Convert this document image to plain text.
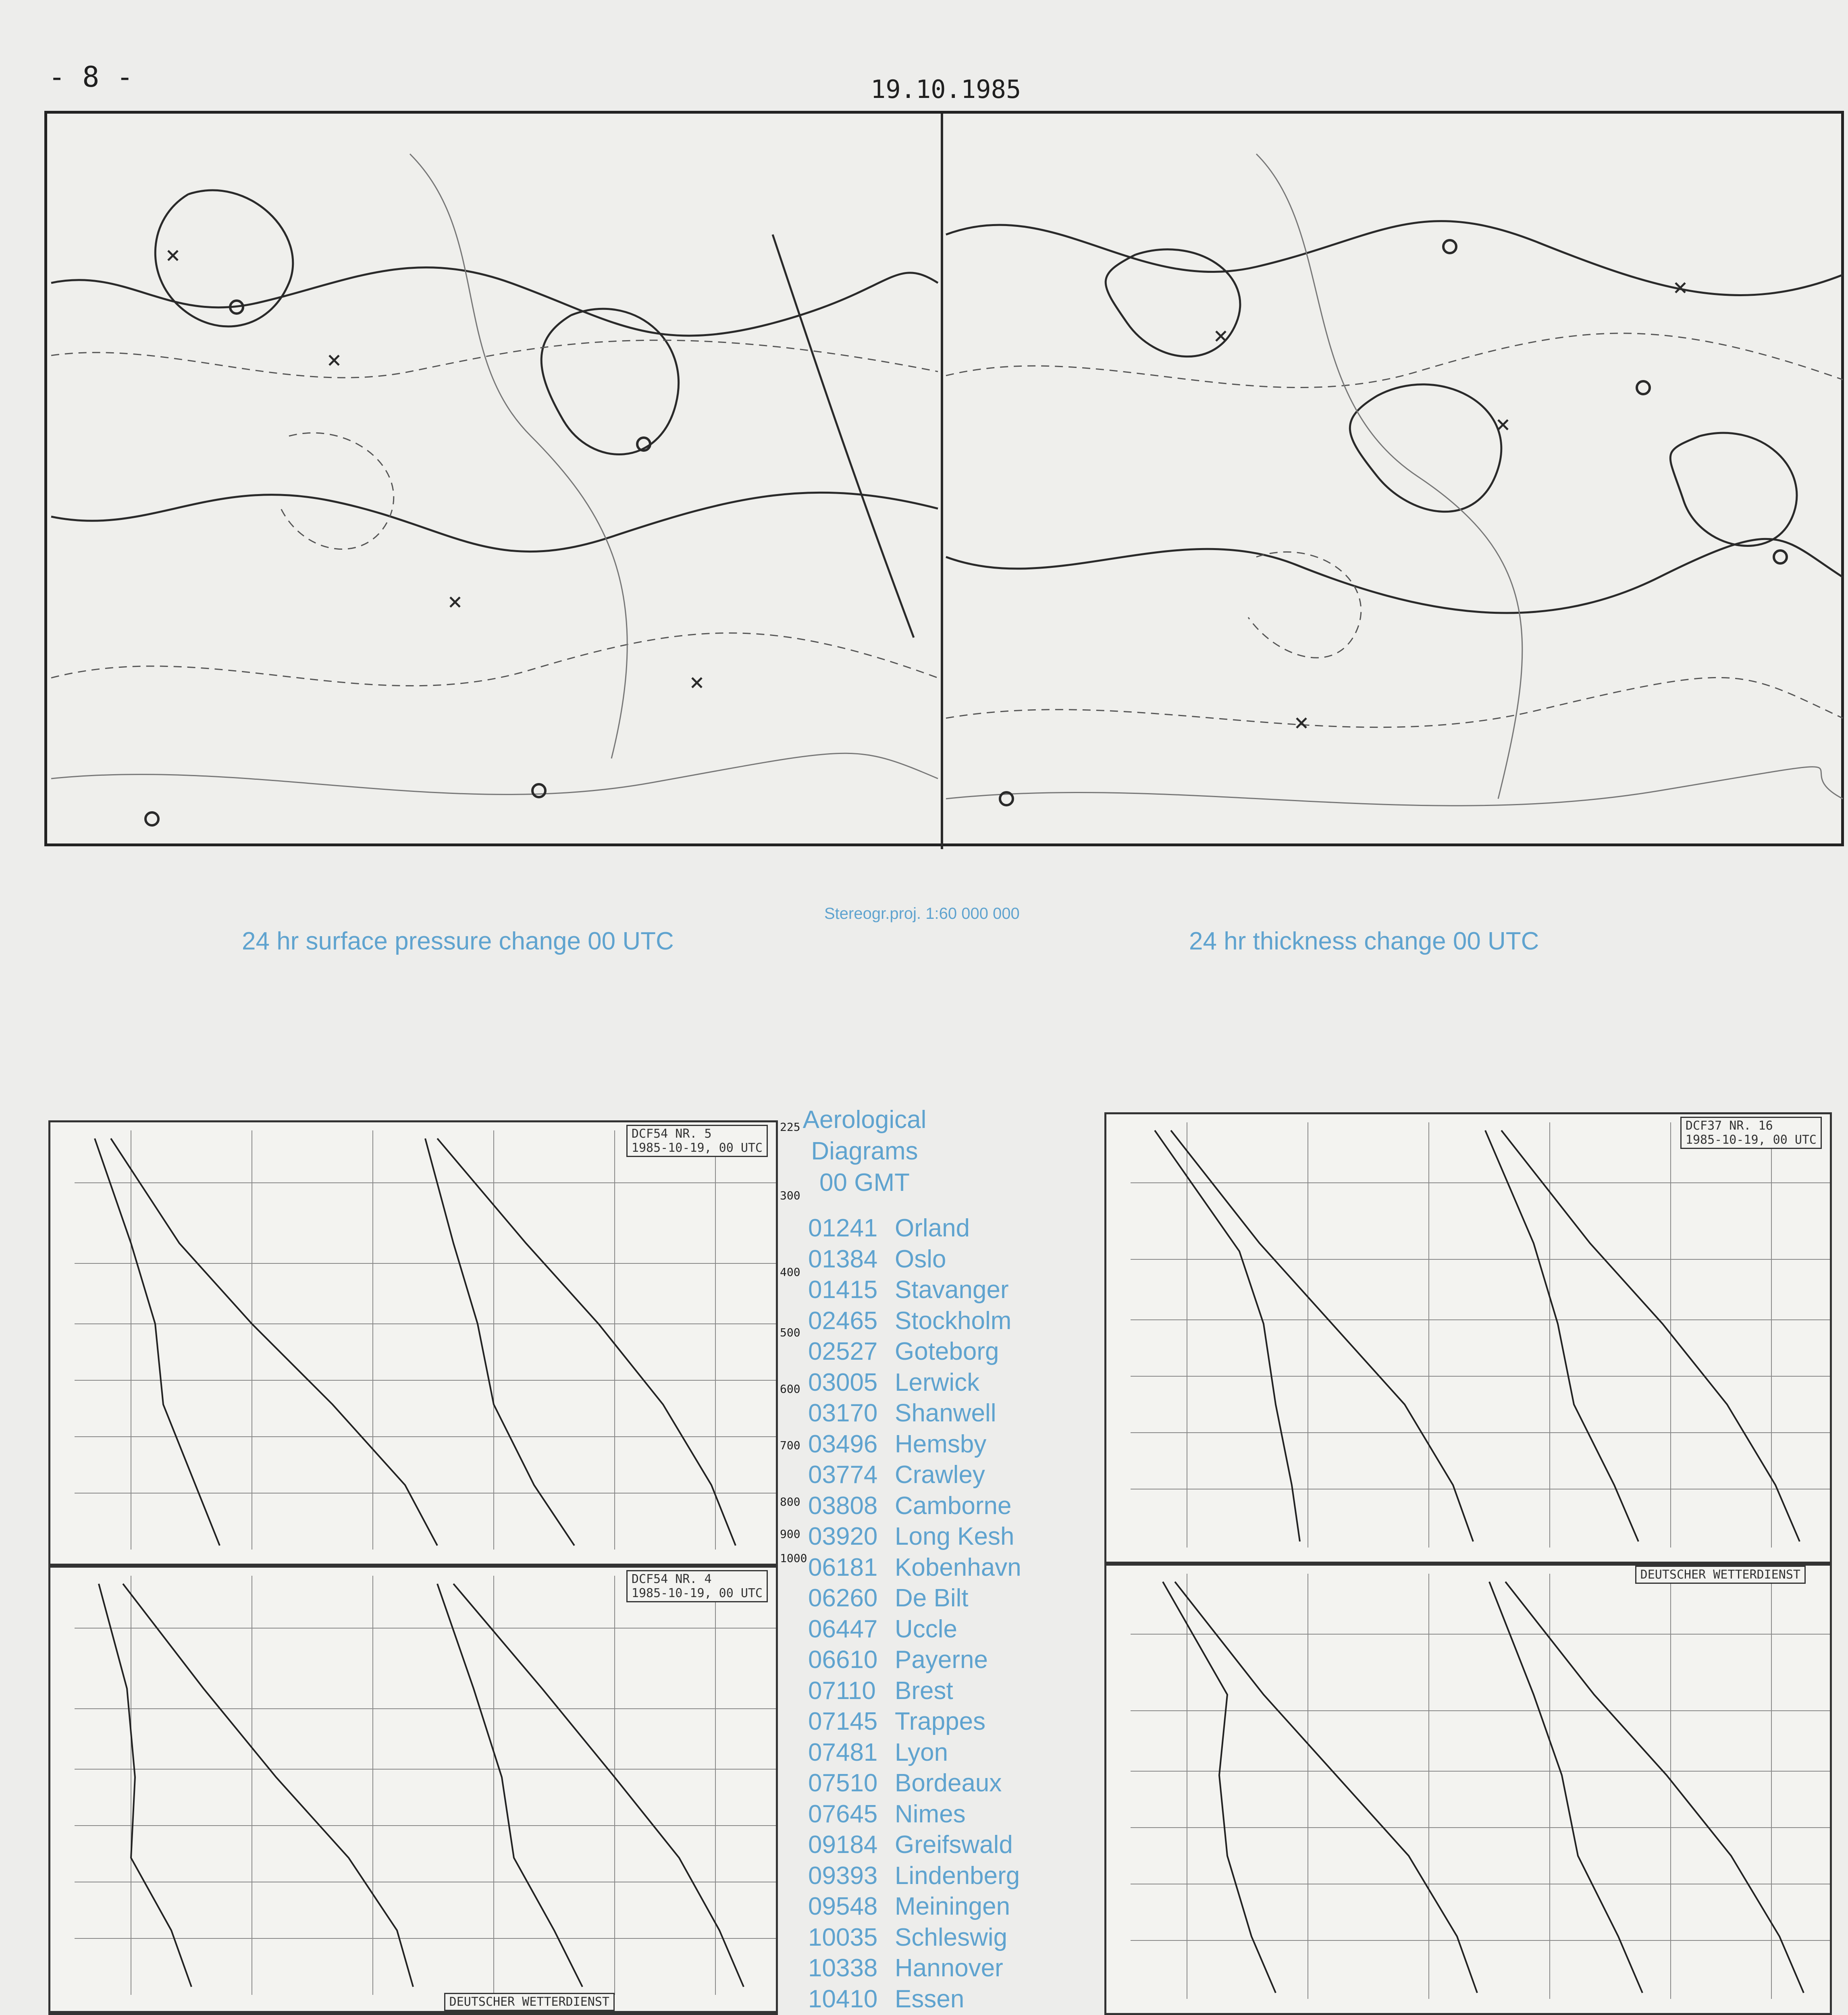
- 8 -	19.10.1985
24 hr surface pressure change 00 UTC
Stereogr.proj. 1:60 000 000
24 hr thickness change 00 UTC
DCF54 NR. 5
1985-10-19, 00 UTC
DCF54 NR. 4
1985-10-19, 00 UTC
DEUTSCHER WETTERDIENST
Aerological
Diagrams
00 GMT
01241 Orland
01384 Oslo
01415 Stavanger
02465 Stockholm
02527 Goteborg
03005 Lerwick
03170 Shanwell
03496 Hemsby
03774 Crawley
03808 Camborne
03920 Long Kesh
06181 Kobenhavn
06260 De Bilt
06447 Uccle
06610 Payerne
07110 Brest
07145 Trappes
07481 Lyon
07510 Bordeaux
07645 Nimes
09184 Greifswald
09393 Lindenberg
09548 Meiningen
10035 Schleswig
10338 Hannover
10410 Essen
DCF37 NR. 16
1985-10-19, 00 UTC
DEUTSCHER WETTERDIENST

225
300
400
500
600
700
800
900
1000
